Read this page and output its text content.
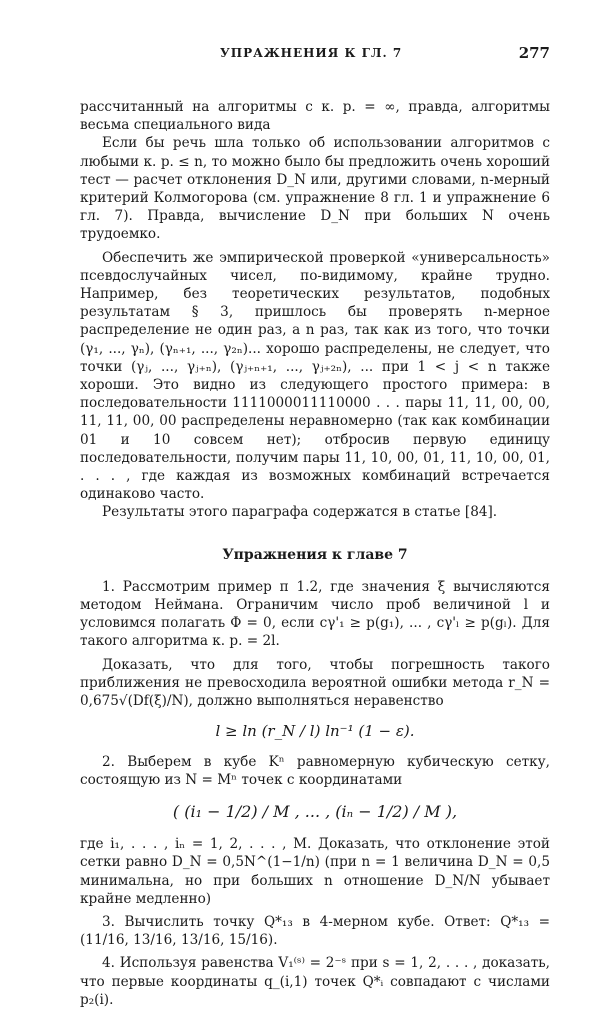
УПРАЖНЕНИЯ К ГЛ. 7	277

рассчитанный на алгоритмы с к. р. = ∞, правда, алгоритмы весьма специального вида

Если бы речь шла только об использовании алгоритмов с любыми к. р. ≤ n, то можно было бы предложить очень хороший тест — расчет отклонения D_N или, другими словами, n-мерный критерий Колмогорова (см. упражнение 8 гл. 1 и упражнение 6 гл. 7). Правда, вычисление D_N при больших N очень трудоемко.

Обеспечить же эмпирической проверкой «универсальность» псевдослучайных чисел, по-видимому, крайне трудно. Например, без теоретических результатов, подобных результатам § 3, пришлось бы проверять n-мерное распределение не один раз, а n раз, так как из того, что точки (γ₁, ..., γₙ), (γₙ₊₁, ..., γ₂ₙ)... хорошо распределены, не следует, что точки (γⱼ, ..., γⱼ₊ₙ), (γⱼ₊ₙ₊₁, ..., γⱼ₊₂ₙ), ... при 1 < j < n также хороши. Это видно из следующего простого примера: в последовательности 1111000011110000 . . . пары 11, 11, 00, 00, 11, 11, 00, 00 распределены неравномерно (так как комбинации 01 и 10 совсем нет); отбросив первую единицу последовательности, получим пары 11, 10, 00, 01, 11, 10, 00, 01, . . . , где каждая из возможных комбинаций встречается одинаково часто.

Результаты этого параграфа содержатся в статье [84].

Упражнения к главе 7

1. Рассмотрим пример п 1.2, где значения ξ вычисляются методом Неймана. Ограничим число проб величиной l и условимся полагать Φ = 0, если cγ'₁ ≥ p(g₁), ... , cγ'ₗ ≥ p(gₗ). Для такого алгоритма к. р. = 2l.

Доказать, что для того, чтобы погрешность такого приближения не превосходила вероятной ошибки метода r_N = 0,675√(Df(ξ)/N), должно выполняться неравенство

l ≥ ln (r_N / l) ln⁻¹ (1 − ε).

2. Выберем в кубе Kⁿ равномерную кубическую сетку, состоящую из N = Mⁿ точек с координатами

( (i₁ − 1/2) / M , ... , (iₙ − 1/2) / M ),

где i₁, . . . , iₙ = 1, 2, . . . , M. Доказать, что отклонение этой сетки равно D_N = 0,5N^(1−1/n) (при n = 1 величина D_N = 0,5 минимальна, но при больших n отношение D_N/N убывает крайне медленно)

3. Вычислить точку Q*₁₃ в 4-мерном кубе. Ответ: Q*₁₃ = (11/16, 13/16, 13/16, 15/16).

4. Используя равенства V₁⁽ˢ⁾ = 2⁻ˢ при s = 1, 2, . . . , доказать, что первые координаты q_(i,1) точек Q*ᵢ совпадают с числами p₂(i).
